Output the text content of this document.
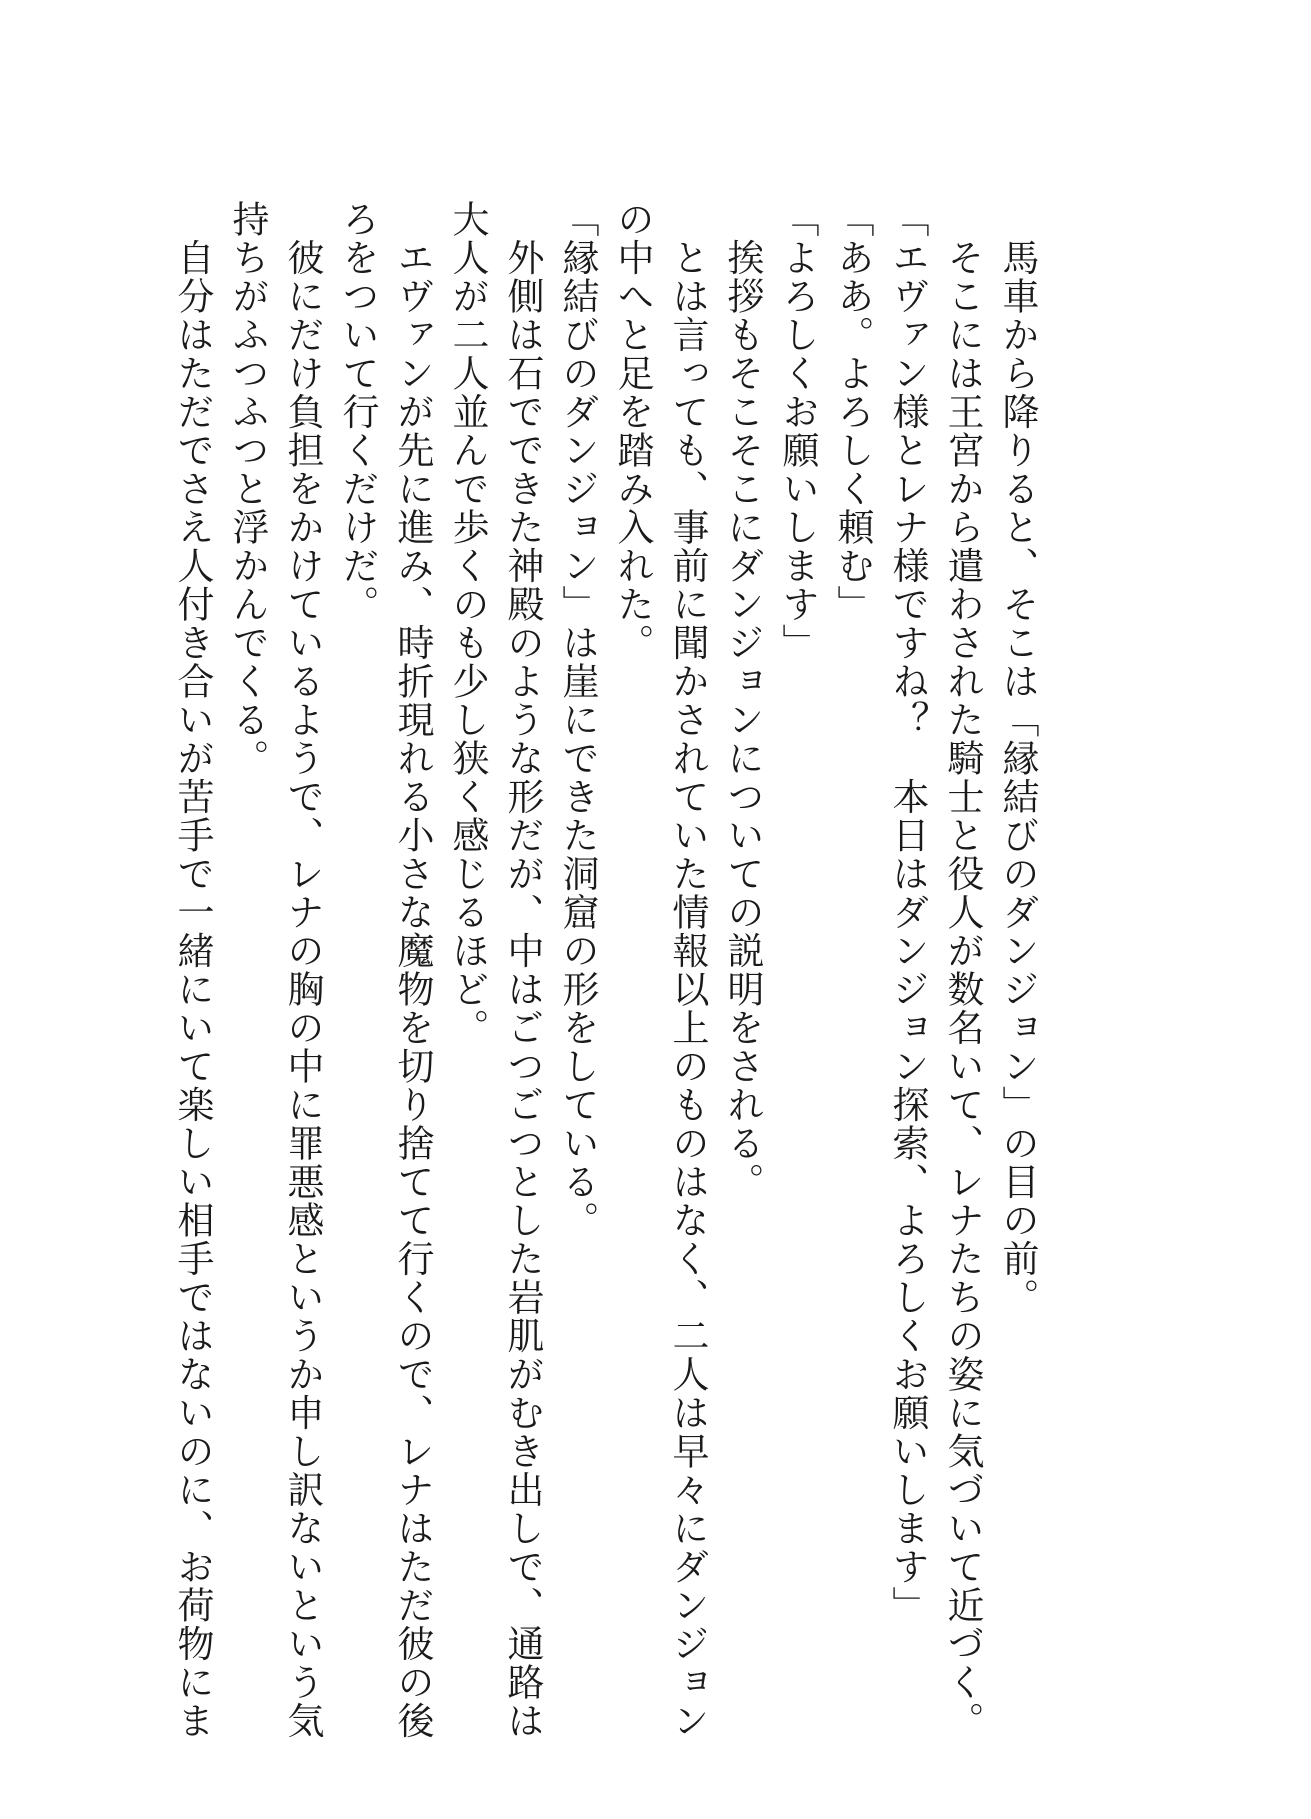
　馬車から降りると、そこは「縁結びのダンジョン」の目の前。
　そこには王宮から遣わされた騎士と役人が数名いて、レナたちの姿に気づいて近づく。
「エヴァン様とレナ様ですね？　本日はダンジョン探索、よろしくお願いします」
「ああ。よろしく頼む」
「よろしくお願いします」
　挨拶もそこそこにダンジョンについての説明をされる。
　とは言っても、事前に聞かされていた情報以上のものはなく、二人は早々にダンジョン
の中へと足を踏み入れた。
「縁結びのダンジョン」は崖にできた洞窟の形をしている。
　外側は石でできた神殿のような形だが、中はごつごつとした岩肌がむき出しで、通路は
大人が二人並んで歩くのも少し狭く感じるほど。
　エヴァンが先に進み、時折現れる小さな魔物を切り捨てて行くので、レナはただ彼の後
ろをついて行くだけだ。
　彼にだけ負担をかけているようで、レナの胸の中に罪悪感というか申し訳ないという気
持ちがふつふつと浮かんでくる。
　自分はただでさえ人付き合いが苦手で一緒にいて楽しい相手ではないのに、お荷物にま
